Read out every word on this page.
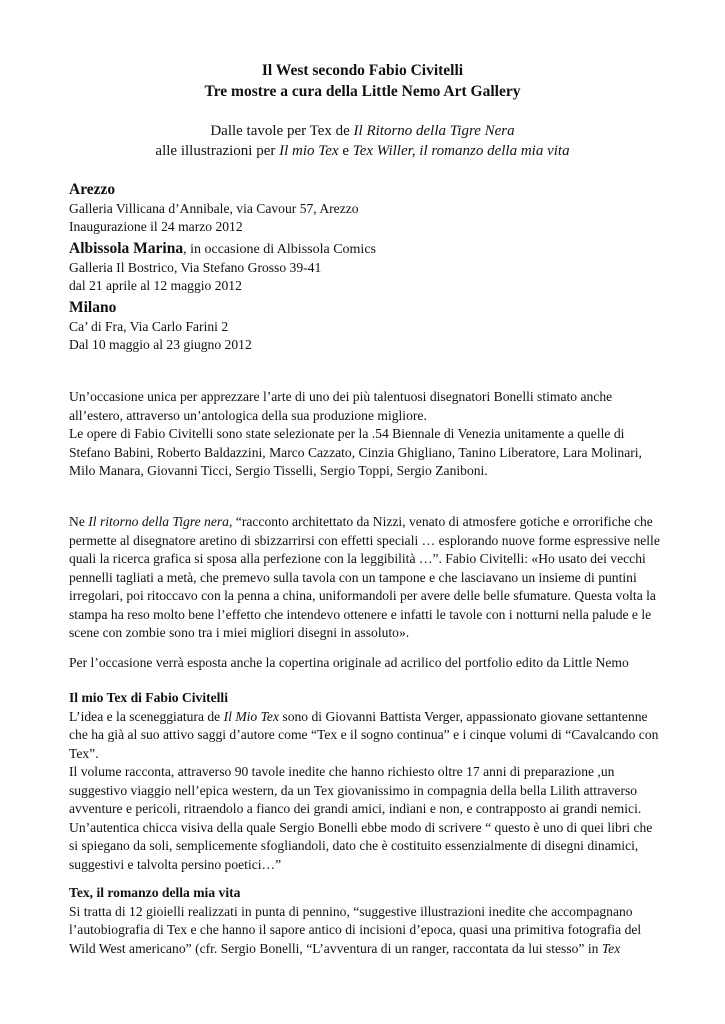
Il West secondo Fabio Civitelli
Tre mostre a cura della Little Nemo Art Gallery
Dalle tavole per Tex de Il Ritorno della Tigre Nera
alle illustrazioni per Il mio Tex e Tex Willer, il romanzo della mia vita
Arezzo
Galleria Villicana d’Annibale, via Cavour 57, Arezzo
Inaugurazione il 24 marzo 2012
Albissola Marina, in occasione di Albissola Comics
Galleria Il Bostrico, Via Stefano Grosso 39-41
dal 21 aprile al 12 maggio 2012
Milano
Ca’ di Fra, Via Carlo Farini 2
Dal 10 maggio al 23 giugno 2012

Un’occasione unica per apprezzare l’arte di uno dei più talentuosi disegnatori Bonelli stimato anche

all’estero, attraverso un’antologica della sua produzione migliore.

Le opere di Fabio Civitelli sono state selezionate per la .54 Biennale di Venezia unitamente a quelle di

Stefano Babini, Roberto Baldazzini, Marco Cazzato, Cinzia Ghigliano, Tanino Liberatore, Lara Molinari,

Milo Manara, Giovanni Ticci, Sergio Tisselli, Sergio Toppi, Sergio Zaniboni.

Ne Il ritorno della Tigre nera, “racconto architettato da Nizzi, venato di atmosfere gotiche e orrorifiche che

permette al disegnatore aretino di sbizzarrirsi con effetti speciali … esplorando nuove forme espressive nelle

quali la ricerca grafica si sposa alla perfezione con la leggibilità …”. Fabio Civitelli: «Ho usato dei vecchi

pennelli tagliati a metà, che premevo sulla tavola con un tampone e che lasciavano un insieme di puntini

irregolari, poi ritoccavo con la penna a china, uniformandoli per avere delle belle sfumature. Questa volta la

stampa ha reso molto bene l’effetto che intendevo ottenere e infatti le tavole con i notturni nella palude e le

scene con zombie sono tra i miei migliori disegni in assoluto».

Per l’occasione verrà esposta anche la copertina originale ad acrilico del portfolio edito da Little Nemo

Il mio Tex di Fabio Civitelli

L’idea e la sceneggiatura de Il Mio Tex sono di Giovanni Battista Verger, appassionato giovane settantenne

che ha già al suo attivo saggi d’autore come “Tex e il sogno continua” e i cinque volumi di “Cavalcando con

Tex”.

Il volume racconta, attraverso 90 tavole inedite che hanno richiesto oltre 17 anni di preparazione ,un

suggestivo viaggio nell’epica western, da un Tex giovanissimo in compagnia della bella Lilith attraverso

avventure e pericoli, ritraendolo a fianco dei grandi amici, indiani e non, e contrapposto ai grandi nemici.

Un’autentica chicca visiva della quale Sergio Bonelli ebbe modo di scrivere “ questo è uno di quei libri che

si spiegano da soli, semplicemente sfogliandoli, dato che è costituito essenzialmente di disegni dinamici,

suggestivi e talvolta persino poetici…”

Tex, il romanzo della mia vita

Si tratta di 12 gioielli realizzati in punta di pennino, “suggestive illustrazioni inedite che accompagnano

l’autobiografia di Tex e che hanno il sapore antico di incisioni d’epoca, quasi una primitiva fotografia del

Wild West americano” (cfr. Sergio Bonelli, “L’avventura di un ranger, raccontata da lui stesso” in Tex
